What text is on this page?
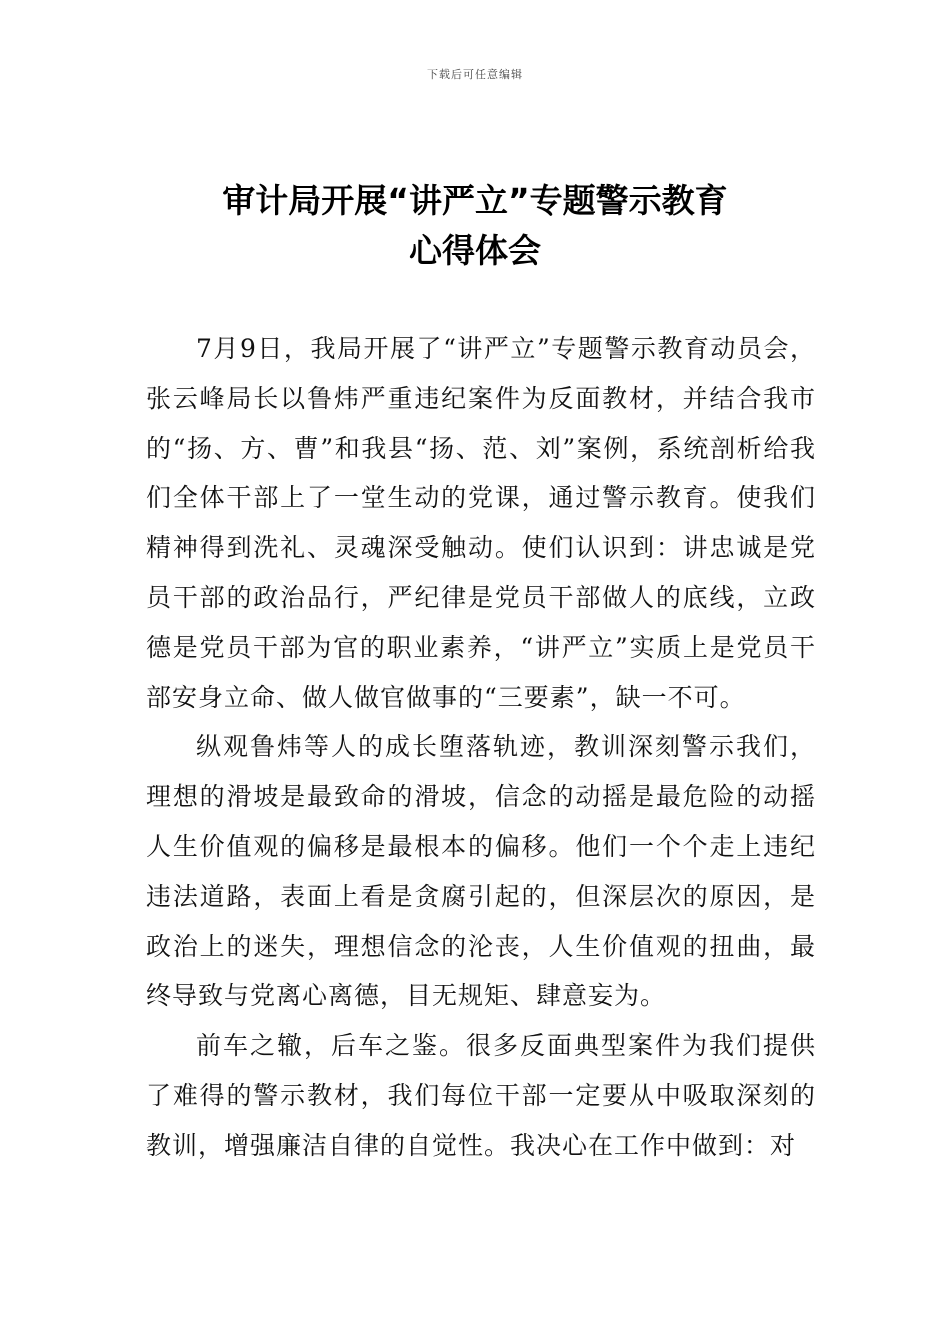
下载后可任意编辑
审计局开展“讲严立”专题警示教育
心得体会

7月9日，我局开展了“讲严立”专题警示教育动员会，张云峰局长以鲁炜严重违纪案件为反面教材，并结合我市的“扬、方、曹”和我县“扬、范、刘”案例，系统剖析给我们全体干部上了一堂生动的党课，通过警示教育。使我们精神得到洗礼、灵魂深受触动。使们认识到：讲忠诚是党员干部的政治品行，严纪律是党员干部做人的底线，立政德是党员干部为官的职业素养，“讲严立”实质上是党员干部安身立命、做人做官做事的“三要素”，缺一不可。

纵观鲁炜等人的成长堕落轨迹，教训深刻警示我们，理想的滑坡是最致命的滑坡，信念的动摇是最危险的动摇人生价值观的偏移是最根本的偏移。他们一个个走上违纪违法道路，表面上看是贪腐引起的，但深层次的原因，是政治上的迷失，理想信念的沦丧，人生价值观的扭曲，最终导致与党离心离德，目无规矩、肆意妄为。

前车之辙，后车之鉴。很多反面典型案件为我们提供了难得的警示教材，我们每位干部一定要从中吸取深刻的教训，增强廉洁自律的自觉性。我决心在工作中做到：对
